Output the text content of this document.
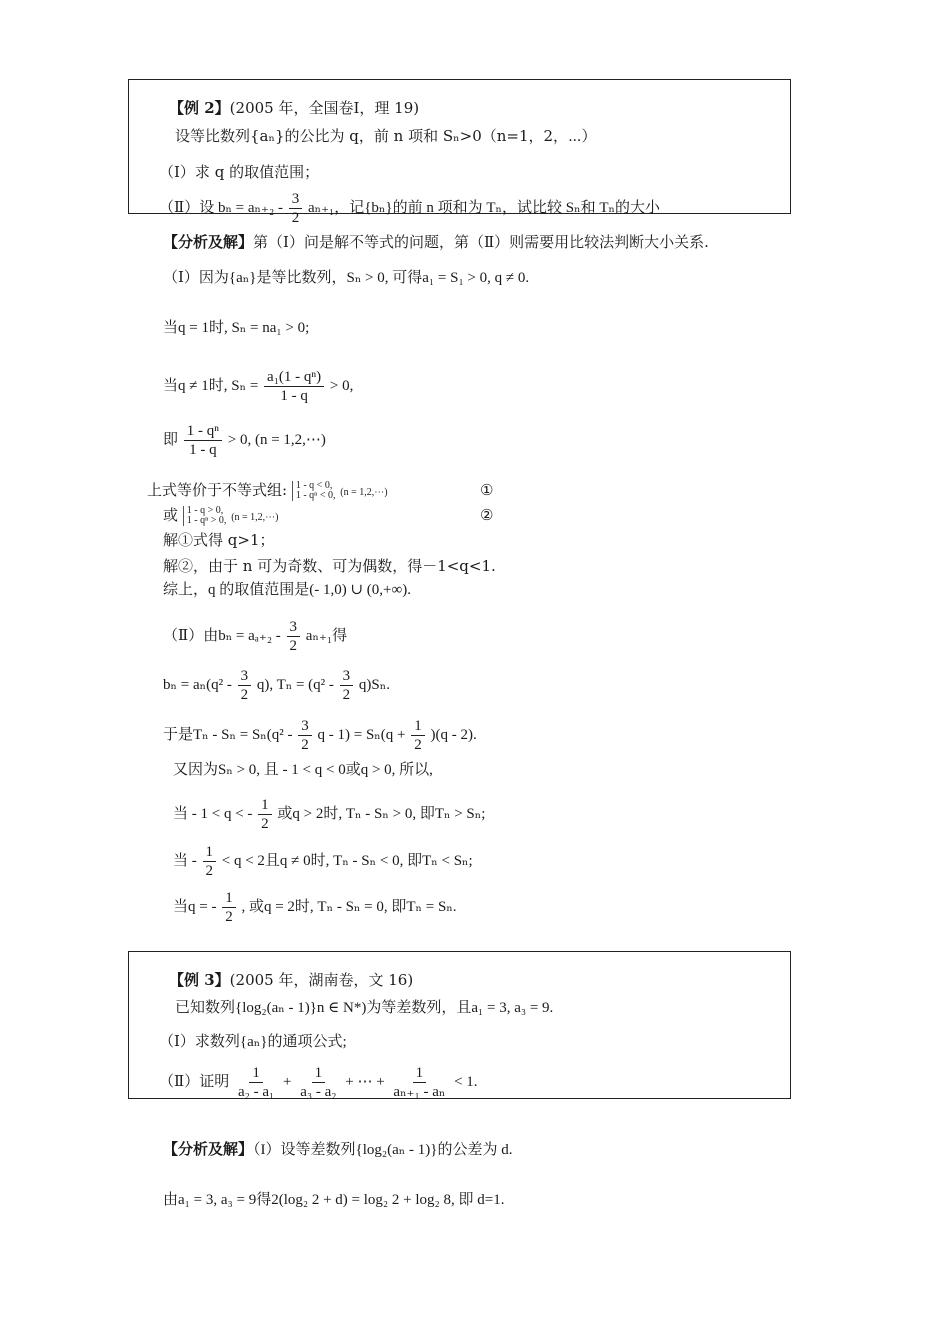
【例 2】(2005 年，全国卷Ⅰ，理 19)
设等比数列{aₙ}的公比为 q，前 n 项和 Sₙ>0（n=1，2，⋯）
（Ⅰ）求 q 的取值范围；
（Ⅱ）设 $b_n = a_{n+2} - \frac{3}{2} a_{n+1}$，记{bₙ}的前 n 项和为 Tₙ，试比较 Sₙ和 Tₙ的大小
【分析及解】第（Ⅰ）问是解不等式的问题，第（Ⅱ）则需要用比较法判断大小关系.
（Ⅰ）因为{aₙ}是等比数列，Sₙ > 0, 可得a₁ = S₁ > 0, q ≠ 0.
当q = 1时, Sₙ = na₁ > 0;
当q ≠ 1时, $S_n = \frac{\text{a₁(1 - qⁿ)}}{1 - q} > 0$,
即 $\frac{\text{1 - qⁿ}}{1 - q} > 0$, (n = 1,2,⋯)
上式等价于不等式组: 1 - q < 0,
1 - qⁿ < 0, (n = 1,2,⋯)	①
或 1 - q > 0,
1 - qⁿ > 0, (n = 1,2,⋯)	②
解①式得 q>1；
解②，由于 n 可为奇数、可为偶数，得－1<q<1.
综上，q 的取值范围是(- 1,0) ∪ (0,+∞).
（Ⅱ）由$b_n = a_{a+2} - \frac{3}{2} a_{n+1}$得
$b_n = a_n(q^2 - \frac{3}{2} q)$, $T_n = (q^2 - \frac{3}{2} q)S_n$.
于是$T_n - S_n = S_n(q^2 - \frac{3}{2}$ $q - 1) = S_n(q + \frac{1}{2} )(q - 2)$.
又因为Sₙ > 0, 且 - 1 < q < 0或q > 0, 所以,
当 - 1 < q < - $\frac{1}{2}$ 或q > 2时, Tₙ - Sₙ > 0, 即Tₙ > Sₙ;
当 - $\frac{1}{2} < q < 2$且q ≠ 0时, Tₙ - Sₙ < 0, 即Tₙ < Sₙ;
当q = - $\frac{1}{2}$ , 或q = 2时, Tₙ - Sₙ = 0, 即Tₙ = Sₙ.
【例 3】(2005 年，湖南卷，文 16)
已知数列{log₂(aₙ - 1)}n ∈ N*)为等差数列，且a₁ = 3, a₃ = 9.
（Ⅰ）求数列{aₙ}的通项公式;
（Ⅱ）证明 $\frac{1}{\text{a₂ - a₁}} + \frac{1}{\text{a₃ - a₂}}$ + ⋯ + $\frac{1}{\text{aₙ₊₁ - aₙ}} < 1$.
【分析及解】（I）设等差数列{log₂(aₙ - 1)}的公差为 d.
由a₁ = 3, a₃ = 9得2(log₂ 2 + d) = log₂ 2 + log₂ 8, 即 d=1.
